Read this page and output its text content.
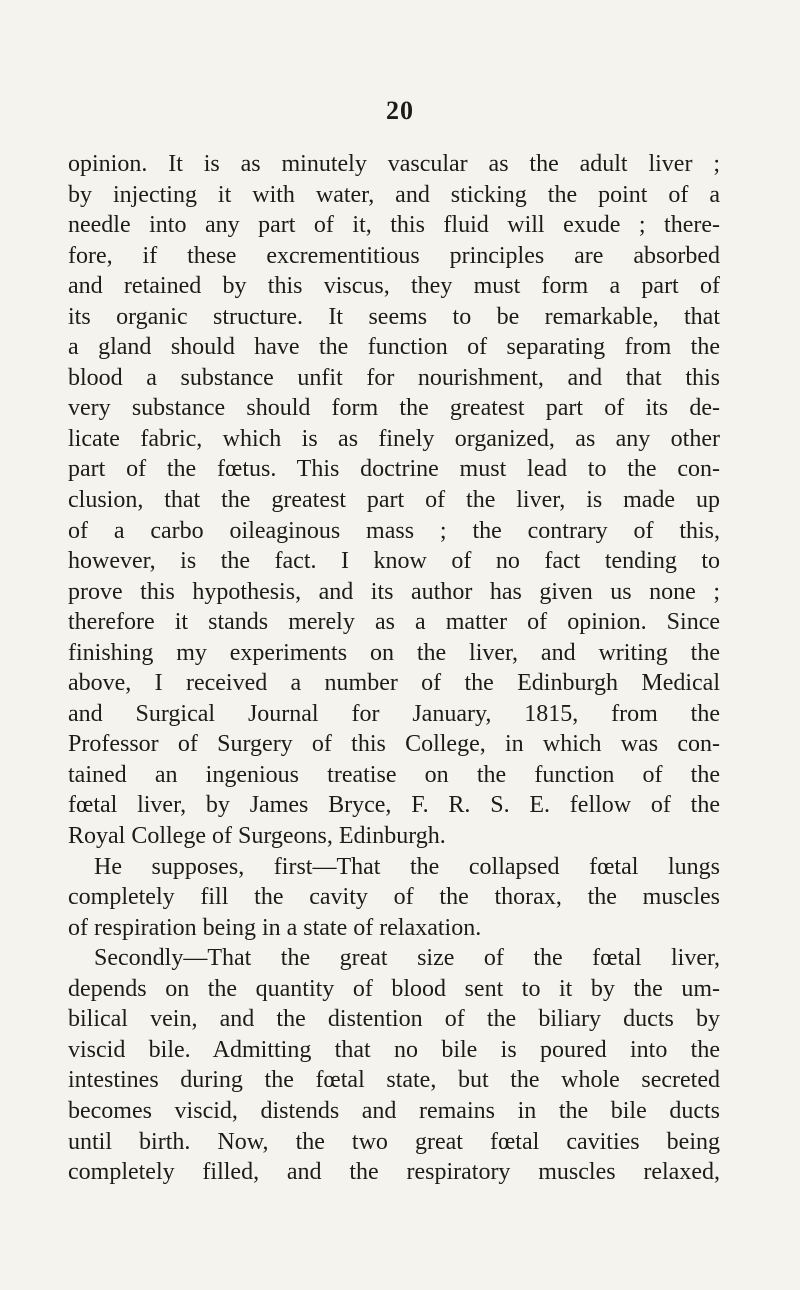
20
opinion. It is as minutely vascular as the adult liver ;
by injecting it with water, and sticking the point of a
needle into any part of it, this fluid will exude ; there-
fore, if these excrementitious principles are absorbed
and retained by this viscus, they must form a part of
its organic structure. It seems to be remarkable, that
a gland should have the function of separating from the
blood a substance unfit for nourishment, and that this
very substance should form the greatest part of its de-
licate fabric, which is as finely organized, as any other
part of the fœtus. This doctrine must lead to the con-
clusion, that the greatest part of the liver, is made up
of a carbo oileaginous mass ; the contrary of this,
however, is the fact. I know of no fact tending to
prove this hypothesis, and its author has given us none ;
therefore it stands merely as a matter of opinion. Since
finishing my experiments on the liver, and writing the
above, I received a number of the Edinburgh Medical
and Surgical Journal for January, 1815, from the
Professor of Surgery of this College, in which was con-
tained an ingenious treatise on the function of the
fœtal liver, by James Bryce, F. R. S. E. fellow of the
Royal College of Surgeons, Edinburgh.
He supposes, first—That the collapsed fœtal lungs
completely fill the cavity of the thorax, the muscles
of respiration being in a state of relaxation.
Secondly—That the great size of the fœtal liver,
depends on the quantity of blood sent to it by the um-
bilical vein, and the distention of the biliary ducts by
viscid bile. Admitting that no bile is poured into the
intestines during the fœtal state, but the whole secreted
becomes viscid, distends and remains in the bile ducts
until birth. Now, the two great fœtal cavities being
completely filled, and the respiratory muscles relaxed,
